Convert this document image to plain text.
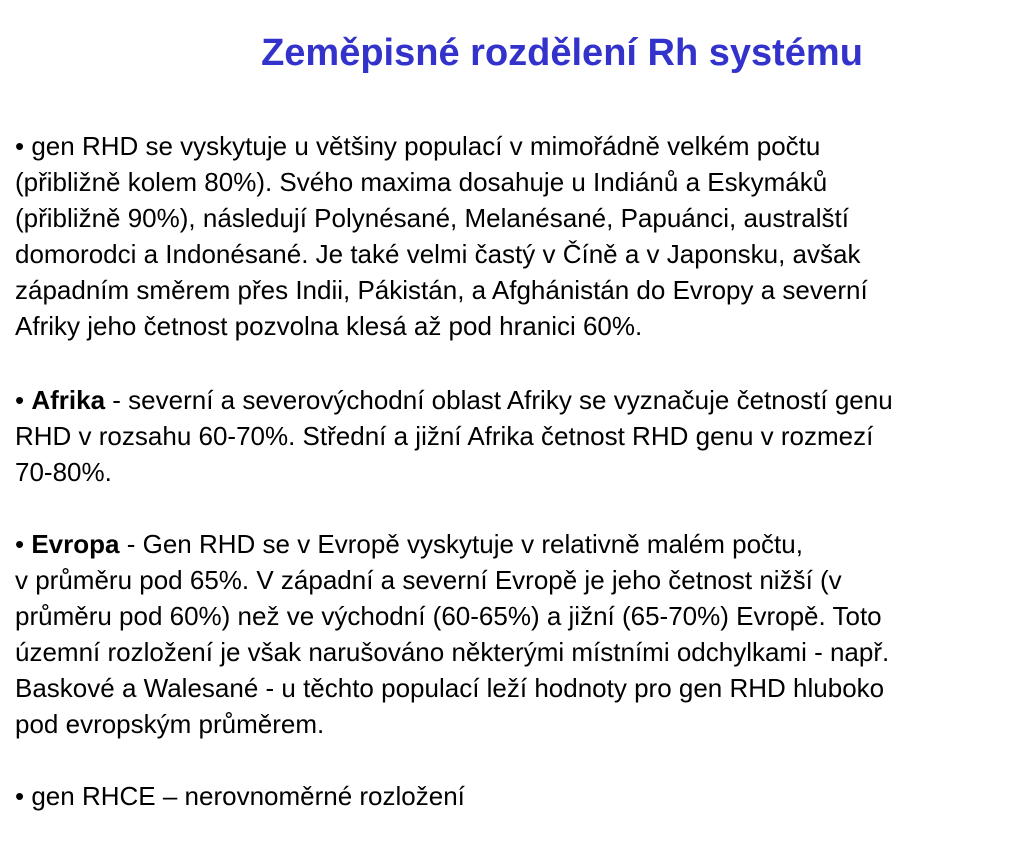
Zeměpisné rozdělení Rh systému
• gen RHD se vyskytuje u většiny populací v mimořádně velkém počtu
(přibližně kolem 80%). Svého maxima dosahuje u Indiánů a Eskymáků
(přibližně 90%), následují Polynésané, Melanésané, Papuánci, australští
domorodci a Indonésané. Je také velmi častý v Číně a v Japonsku, avšak
západním směrem přes Indii, Pákistán, a Afghánistán do Evropy a severní
Afriky jeho četnost pozvolna klesá až pod hranici 60%.
• Afrika - severní a severovýchodní oblast Afriky se vyznačuje četností genu
RHD v rozsahu 60-70%. Střední a jižní Afrika četnost RHD genu v rozmezí
70-80%.
• Evropa - Gen RHD se v Evropě vyskytuje v relativně malém počtu,
v průměru pod 65%. V západní a severní Evropě je jeho četnost nižší (v
průměru pod 60%) než ve východní (60-65%) a jižní (65-70%) Evropě. Toto
územní rozložení je však narušováno některými místními odchylkami - např.
Baskové a Walesané - u těchto populací leží hodnoty pro gen RHD hluboko
pod evropským průměrem.
• gen RHCE – nerovnoměrné rozložení
